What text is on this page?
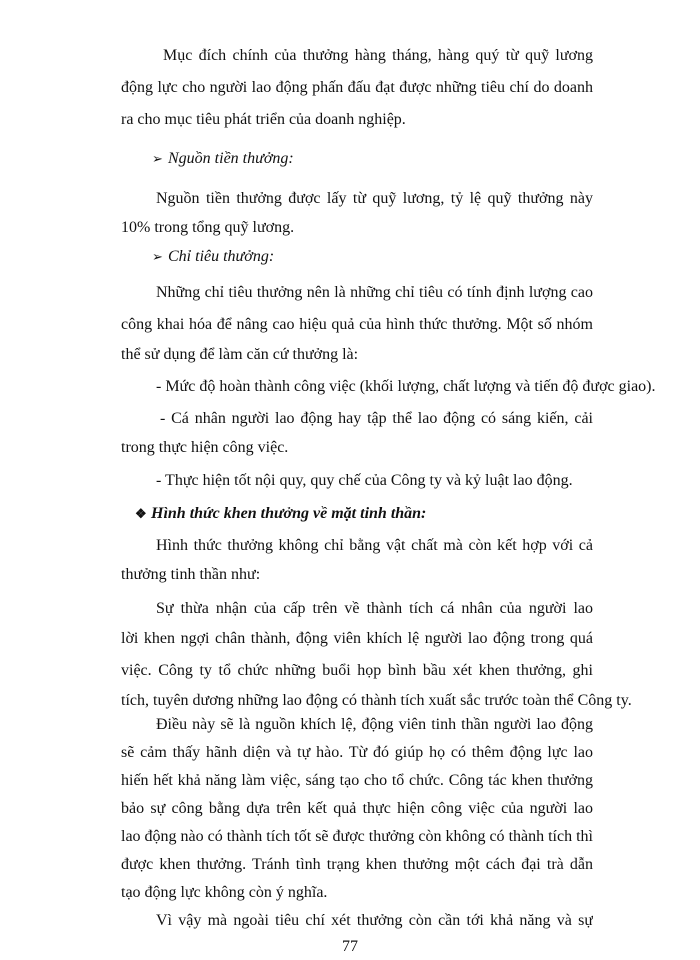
Mục đích chính của thưởng hàng tháng, hàng quý từ quỹ lương
động lực cho người lao động phấn đấu đạt được những tiêu chí do doanh
ra cho mục tiêu phát triển của doanh nghiệp.
➢ Nguồn tiền thưởng:
Nguồn tiền thưởng được lấy từ quỹ lương, tỷ lệ quỹ thưởng này
10% trong tổng quỹ lương.
➢ Chỉ tiêu thưởng:
Những chỉ tiêu thưởng nên là những chỉ tiêu có tính định lượng cao
công khai hóa để nâng cao hiệu quả của hình thức thưởng. Một số nhóm
thể sử dụng để làm căn cứ thưởng là:
- Mức độ hoàn thành công việc (khối lượng, chất lượng và tiến độ được giao).
- Cá nhân người lao động hay tập thể lao động có sáng kiến, cải
trong thực hiện công việc.
- Thực hiện tốt nội quy, quy chế của Công ty và kỷ luật lao động.
❖ Hình thức khen thưởng về mặt tinh thần:
Hình thức thưởng không chỉ bằng vật chất mà còn kết hợp với cả
thưởng tinh thần như:
Sự thừa nhận của cấp trên về thành tích cá nhân của người lao
lời khen ngợi chân thành, động viên khích lệ người lao động trong quá
việc. Công ty tổ chức những buổi họp bình bầu xét khen thưởng, ghi
tích, tuyên dương những lao động có thành tích xuất sắc trước toàn thể Công ty.
Điều này sẽ là nguồn khích lệ, động viên tinh thần người lao động
sẽ cảm thấy hãnh diện và tự hào. Từ đó giúp họ có thêm động lực lao
hiến hết khả năng làm việc, sáng tạo cho tổ chức. Công tác khen thưởng
bảo sự công bằng dựa trên kết quả thực hiện công việc của người lao
lao động nào có thành tích tốt sẽ được thưởng còn không có thành tích thì
được khen thưởng. Tránh tình trạng khen thưởng một cách đại trà dẫn
tạo động lực không còn ý nghĩa.
Vì vậy mà ngoài tiêu chí xét thưởng còn cần tới khả năng và sự
77
